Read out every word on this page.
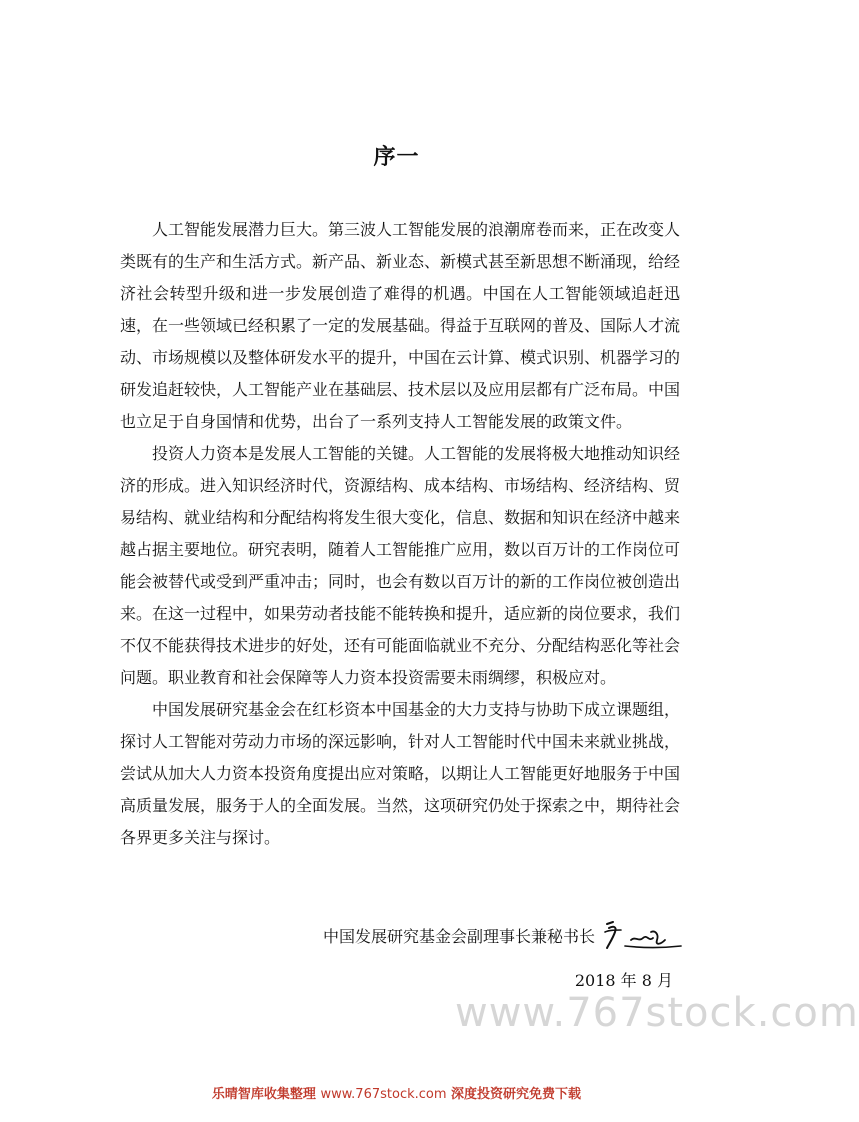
序一

人工智能发展潜力巨大。第三波人工智能发展的浪潮席卷而来，正在改变人类既有的生产和生活方式。新产品、新业态、新模式甚至新思想不断涌现，给经济社会转型升级和进一步发展创造了难得的机遇。中国在人工智能领域追赶迅速，在一些领域已经积累了一定的发展基础。得益于互联网的普及、国际人才流动、市场规模以及整体研发水平的提升，中国在云计算、模式识别、机器学习的研发追赶较快，人工智能产业在基础层、技术层以及应用层都有广泛布局。中国也立足于自身国情和优势，出台了一系列支持人工智能发展的政策文件。

投资人力资本是发展人工智能的关键。人工智能的发展将极大地推动知识经济的形成。进入知识经济时代，资源结构、成本结构、市场结构、经济结构、贸易结构、就业结构和分配结构将发生很大变化，信息、数据和知识在经济中越来越占据主要地位。研究表明，随着人工智能推广应用，数以百万计的工作岗位可能会被替代或受到严重冲击；同时，也会有数以百万计的新的工作岗位被创造出来。在这一过程中，如果劳动者技能不能转换和提升，适应新的岗位要求，我们不仅不能获得技术进步的好处，还有可能面临就业不充分、分配结构恶化等社会问题。职业教育和社会保障等人力资本投资需要未雨绸缪，积极应对。

中国发展研究基金会在红杉资本中国基金的大力支持与协助下成立课题组，探讨人工智能对劳动力市场的深远影响，针对人工智能时代中国未来就业挑战，尝试从加大人力资本投资角度提出应对策略，以期让人工智能更好地服务于中国高质量发展，服务于人的全面发展。当然，这项研究仍处于探索之中，期待社会各界更多关注与探讨。

中国发展研究基金会副理事长兼秘书长
2018 年 8 月
www.767stock.com
乐晴智库收集整理 www.767stock.com 深度投资研究免费下载
